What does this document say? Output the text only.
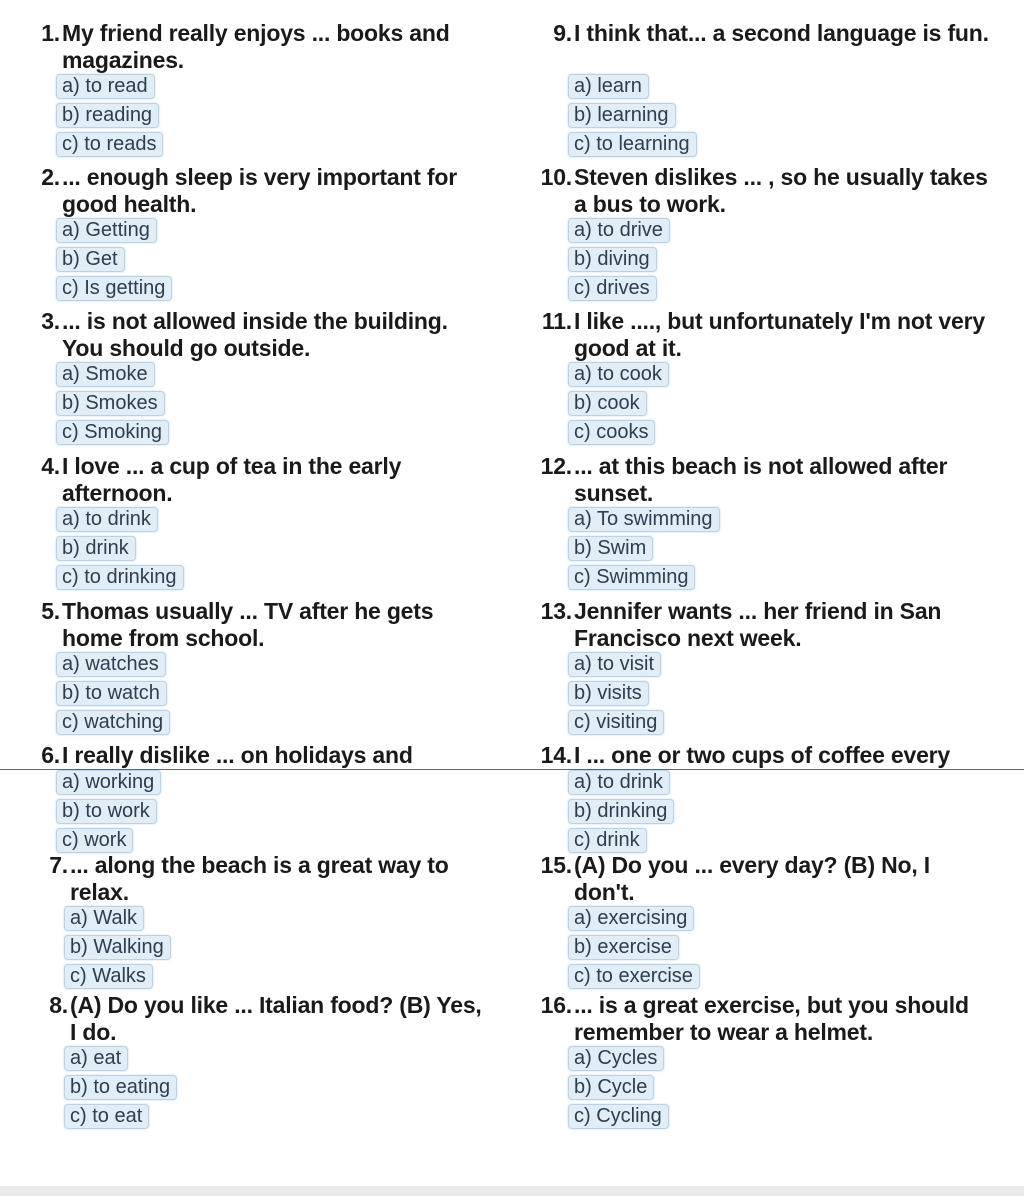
1. My friend really enjoys ... books and magazines.
a) to read
b) reading
c) to reads
2. ... enough sleep is very important for good health.
a) Getting
b) Get
c) Is getting
3. ... is not allowed inside the building. You should go outside.
a) Smoke
b) Smokes
c) Smoking
4. I love ... a cup of tea in the early afternoon.
a) to drink
b) drink
c) to drinking
5. Thomas usually ... TV after he gets home from school.
a) watches
b) to watch
c) watching
6. I really dislike ... on holidays and
a) working
b) to work
c) work
7. ... along the beach is a great way to relax.
a) Walk
b) Walking
c) Walks
8. (A) Do you like ... Italian food? (B) Yes, I do.
a) eat
b) to eating
c) to eat
9. I think that... a second language is fun.
a) learn
b) learning
c) to learning
10. Steven dislikes ... , so he usually takes a bus to work.
a) to drive
b) diving
c) drives
11. I like ...., but unfortunately I'm not very good at it.
a) to cook
b) cook
c) cooks
12. ... at this beach is not allowed after sunset.
a) To swimming
b) Swim
c) Swimming
13. Jennifer wants ... her friend in San Francisco next week.
a) to visit
b) visits
c) visiting
14. I ... one or two cups of coffee every
a) to drink
b) drinking
c) drink
15. (A) Do you ... every day? (B) No, I don't.
a) exercising
b) exercise
c) to exercise
16. ... is a great exercise, but you should remember to wear a helmet.
a) Cycles
b) Cycle
c) Cycling
